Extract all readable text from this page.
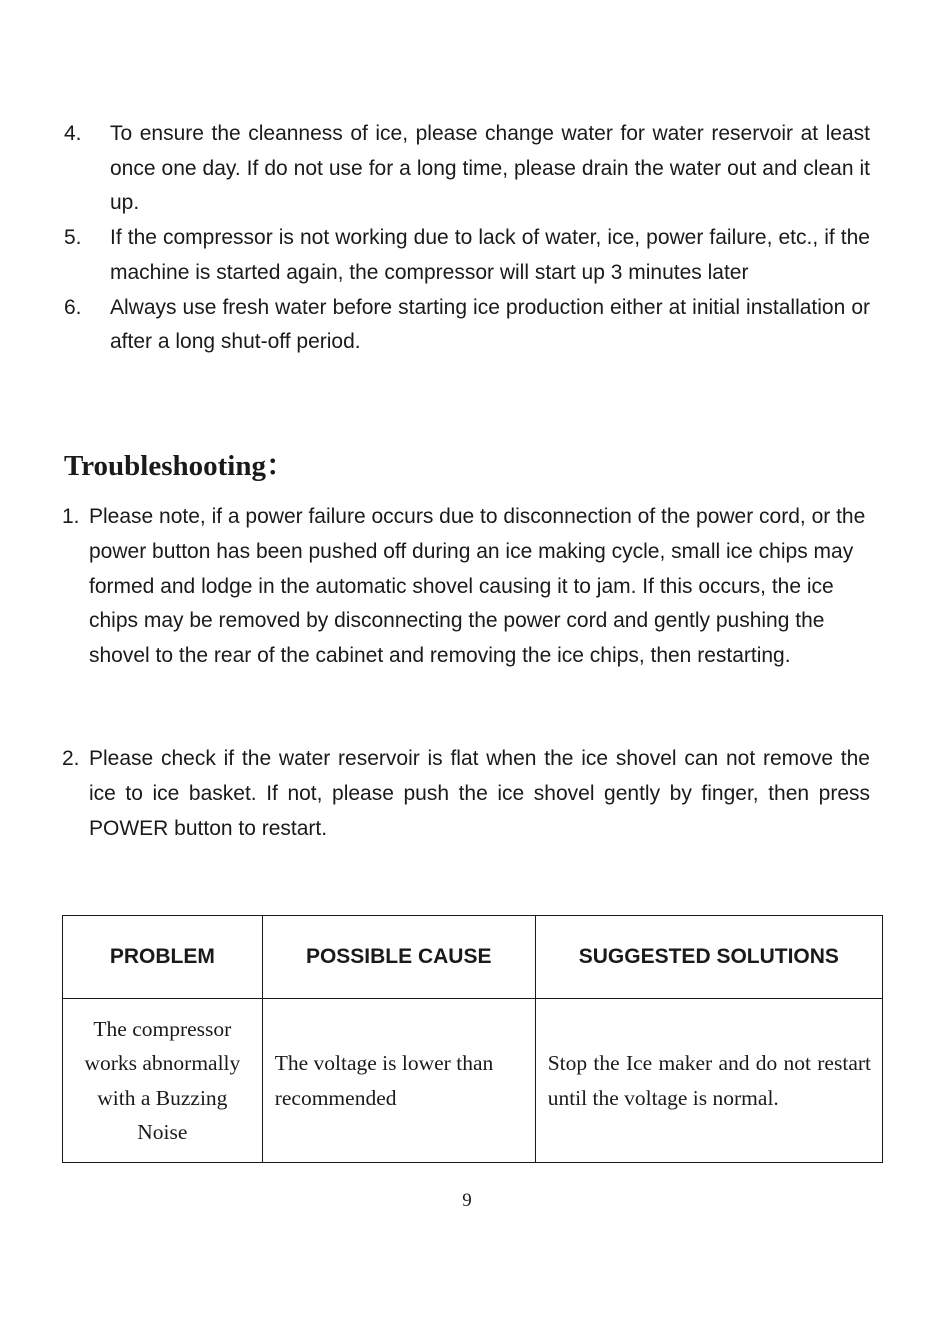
4. To ensure the cleanness of ice, please change water for water reservoir at least once one day. If do not use for a long time, please drain the water out and clean it up.
5. If the compressor is not working due to lack of water, ice, power failure, etc., if the machine is started again, the compressor will start up 3 minutes later
6. Always use fresh water before starting ice production either at initial installation or after a long shut-off period.
Troubleshooting：
1. Please note, if a power failure occurs due to disconnection of the power cord, or the power button has been pushed off during an ice making cycle, small ice chips may formed and lodge in the automatic shovel causing it to jam. If this occurs, the ice chips may be removed by disconnecting the power cord and gently pushing the shovel to the rear of the cabinet and removing the ice chips, then restarting.
2. Please check if the water reservoir is flat when the ice shovel can not remove the ice to ice basket. If not, please push the ice shovel gently by finger, then press POWER button to restart.
PROBLEM	POSSIBLE CAUSE	SUGGESTED SOLUTIONS
The compressor works abnormally with a Buzzing Noise	The voltage is lower than recommended	Stop the Ice maker and do not restart until the voltage is normal.
9
